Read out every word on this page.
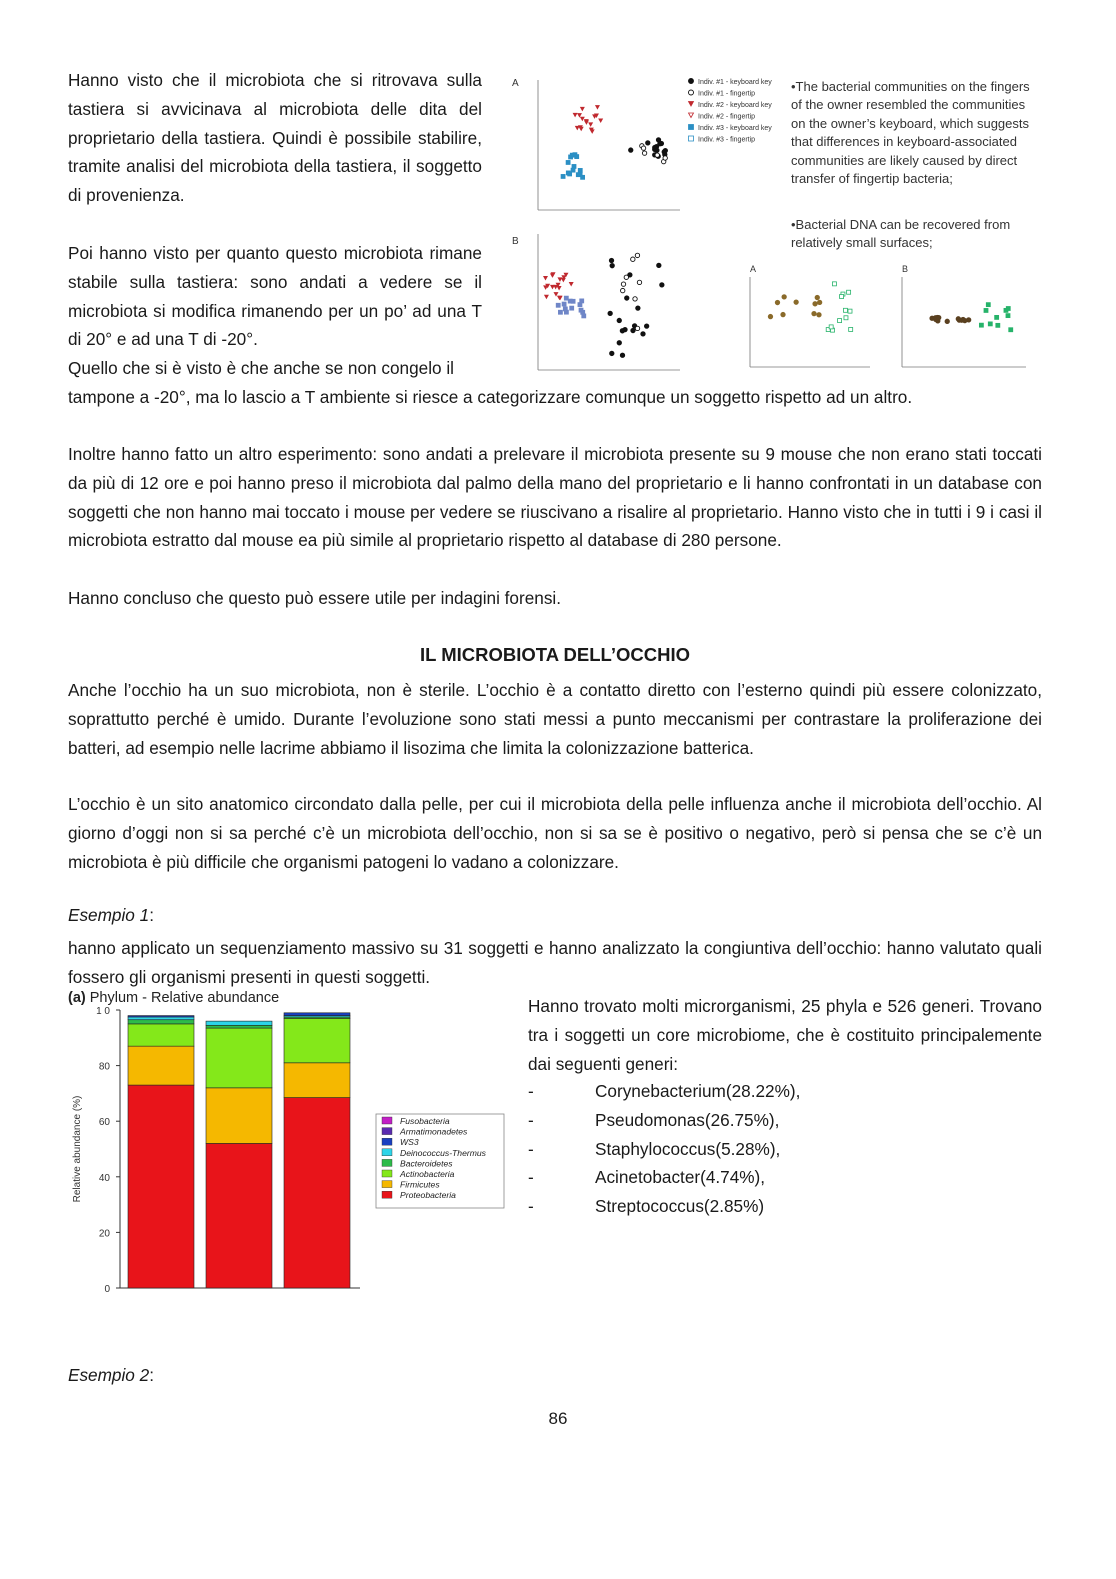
Hanno visto che il microbiota che si ritrovava sulla tastiera si avvicinava al microbiota delle dita del proprietario della tastiera. Quindi è possibile stabilire, tramite analisi del microbiota della tastiera, il soggetto di provenienza.
Poi hanno visto per quanto questo microbiota rimane stabile sulla tastiera: sono andati a vedere se il microbiota si modifica rimanendo per un po’ ad una T di 20° e ad una T di -20°.
Quello che si è visto è che anche se non congelo il
tampone a -20°, ma lo lascio a T ambiente si riesce a categorizzare comunque un soggetto rispetto ad un altro.
Inoltre hanno fatto un altro esperimento: sono andati a prelevare il microbiota presente su 9 mouse che non erano stati toccati da più di 12 ore e poi hanno preso il microbiota dal palmo della mano del proprietario e li hanno confrontati in un database con soggetti che non hanno mai toccato i mouse per vedere se riuscivano a risalire al proprietario. Hanno visto che in tutti i 9 i casi il microbiota estratto dal mouse ea più simile al proprietario rispetto al database di 280 persone.
Hanno concluso che questo può essere utile per indagini forensi.
IL MICROBIOTA DELL’OCCHIO
Anche l’occhio ha un suo microbiota, non è sterile. L’occhio è a contatto diretto con l’esterno quindi più essere colonizzato, soprattutto perché è umido. Durante l’evoluzione sono stati messi a punto meccanismi per contrastare la proliferazione dei batteri, ad esempio nelle lacrime abbiamo il lisozima che limita la colonizzazione batterica.
L’occhio è un sito anatomico circondato dalla pelle, per cui il microbiota della pelle influenza anche il microbiota dell’occhio. Al giorno d’oggi non si sa perché c’è un microbiota dell’occhio, non si sa se è positivo o negativo, però si pensa che se c’è un microbiota è più difficile che organismi patogeni lo vadano a colonizzare.
Esempio 1:
hanno applicato un sequenziamento massivo su 31 soggetti e hanno analizzato la congiuntiva dell’occhio: hanno valutato quali fossero gli organismi presenti in questi soggetti.
Hanno trovato molti microrganismi, 25 phyla e 526 generi. Trovano tra i soggetti un core microbiome, che è costituito principalemente dai seguenti generi:
-	Corynebacterium(28.22%),
-	Pseudomonas(26.75%),
-	Staphylococcus(5.28%),
-	Acinetobacter(4.74%),
-	Streptococcus(2.85%)
Esempio 2:
86
A
B
Indiv. #1 - keyboard key
Indiv. #1 - fingertip
Indiv. #2 - keyboard key
Indiv. #2 - fingertip
Indiv. #3 - keyboard key
Indiv. #3 - fingertip
A	B
•The bacterial communities on the fingers of the owner resembled the communities on the owner’s keyboard, which suggests that differences in keyboard-associated communities are likely caused by direct transfer of fingertip bacteria;
•Bacterial DNA can be recovered from relatively small surfaces;
(a) Phylum - Relative abundance
0
20
40
60
80
1 0
Relative abundance (%)	Fusobacteria
Armatimonadetes
WS3
Deinococcus-Thermus
Bacteroidetes
Actinobacteria
Firmicutes
Proteobacteria
